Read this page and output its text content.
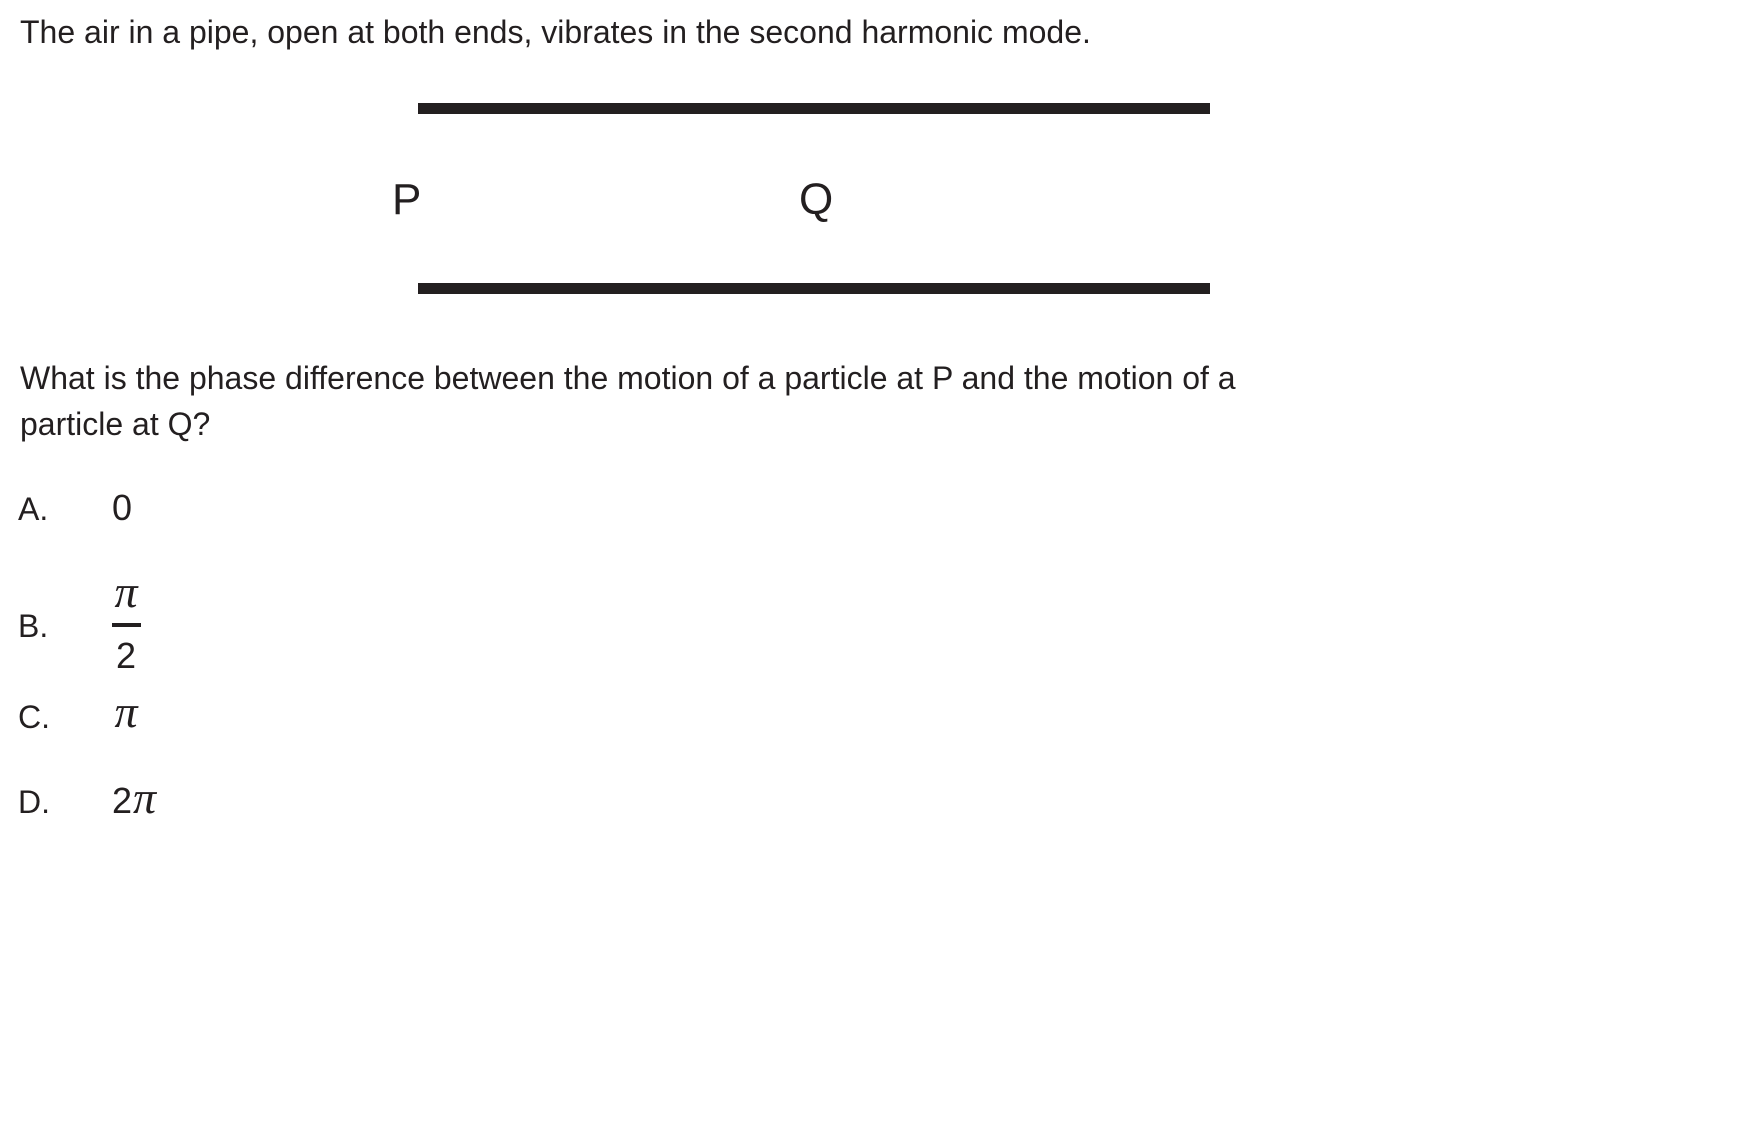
The air in a pipe, open at both ends, vibrates in the second harmonic mode.
P	Q
What is the phase difference between the motion of a particle at P and the motion of a
particle at Q?
A. 0
B.
π
2
C. π
D. 2 π
